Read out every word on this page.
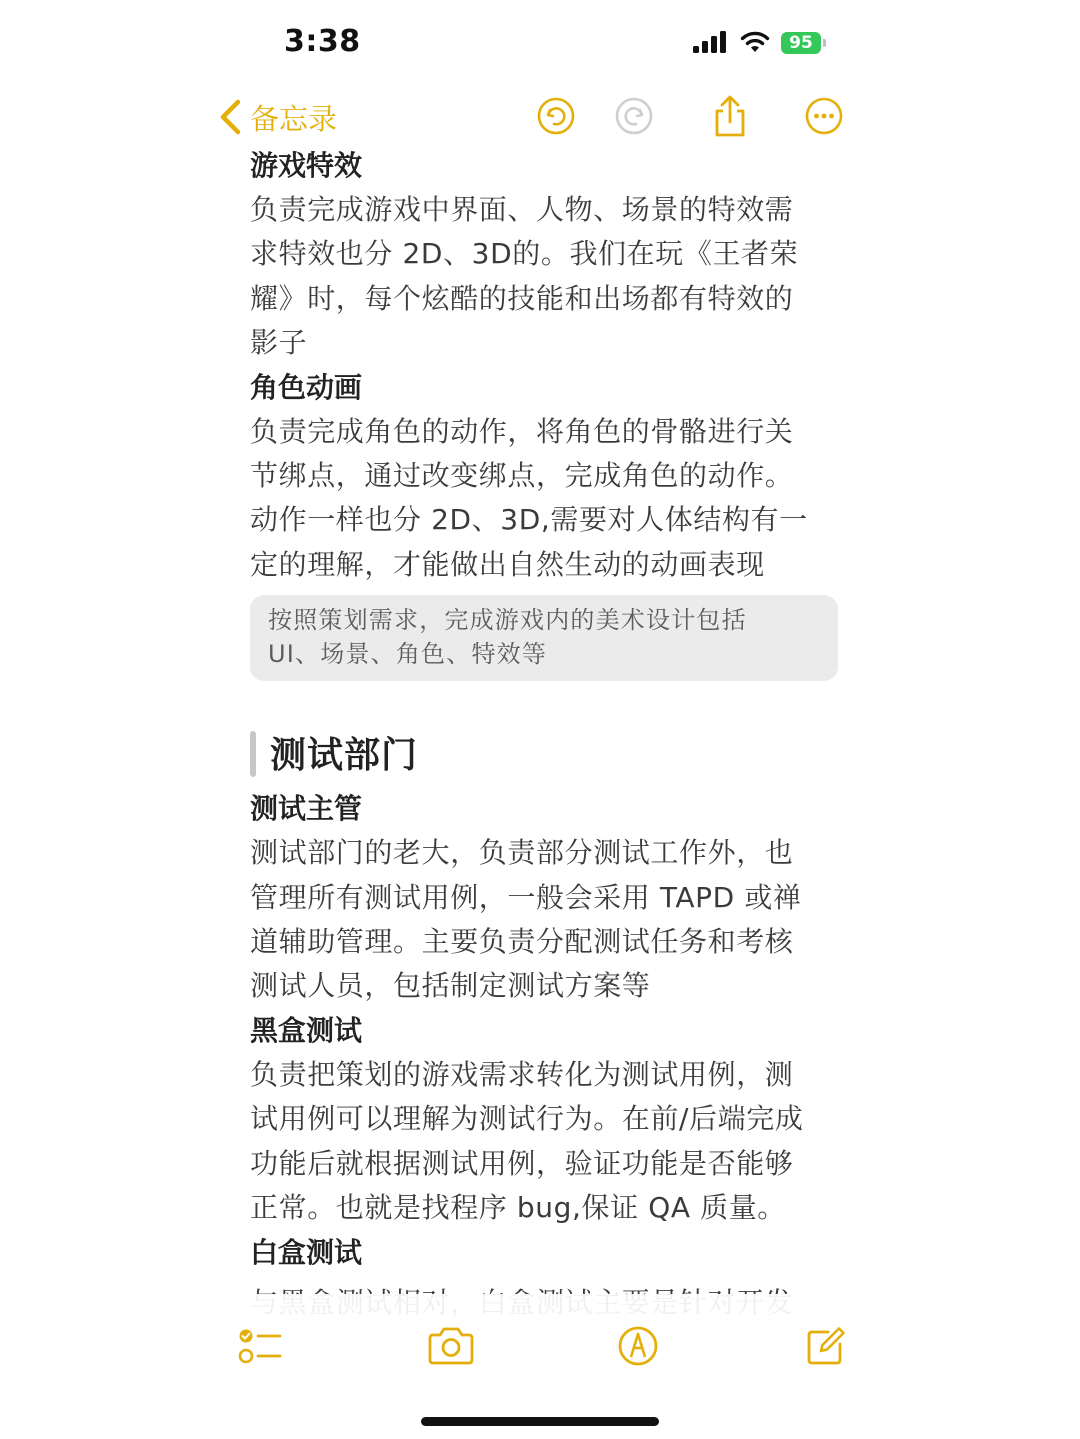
3:38	95
备忘录
游戏特效
负责完成游戏中界面、人物、场景的特效需
求特效也分 2D、3D的。我们在玩《王者荣
耀》时，每个炫酷的技能和出场都有特效的
影子
角色动画
负责完成角色的动作，将角色的骨骼进行关
节绑点，通过改变绑点，完成角色的动作。
动作一样也分 2D、3D,需要对人体结构有一
定的理解，才能做出自然生动的动画表现
按照策划需求，完成游戏内的美术设计包括
UI、场景、角色、特效等
测试部门
测试主管
测试部门的老大，负责部分测试工作外，也
管理所有测试用例，一般会采用 TAPD 或禅
道辅助管理。主要负责分配测试任务和考核
测试人员，包括制定测试方案等
黑盒测试
负责把策划的游戏需求转化为测试用例，测
试用例可以理解为测试行为。在前/后端完成
功能后就根据测试用例，验证功能是否能够
正常。也就是找程序 bug,保证 QA 质量。
白盒测试
